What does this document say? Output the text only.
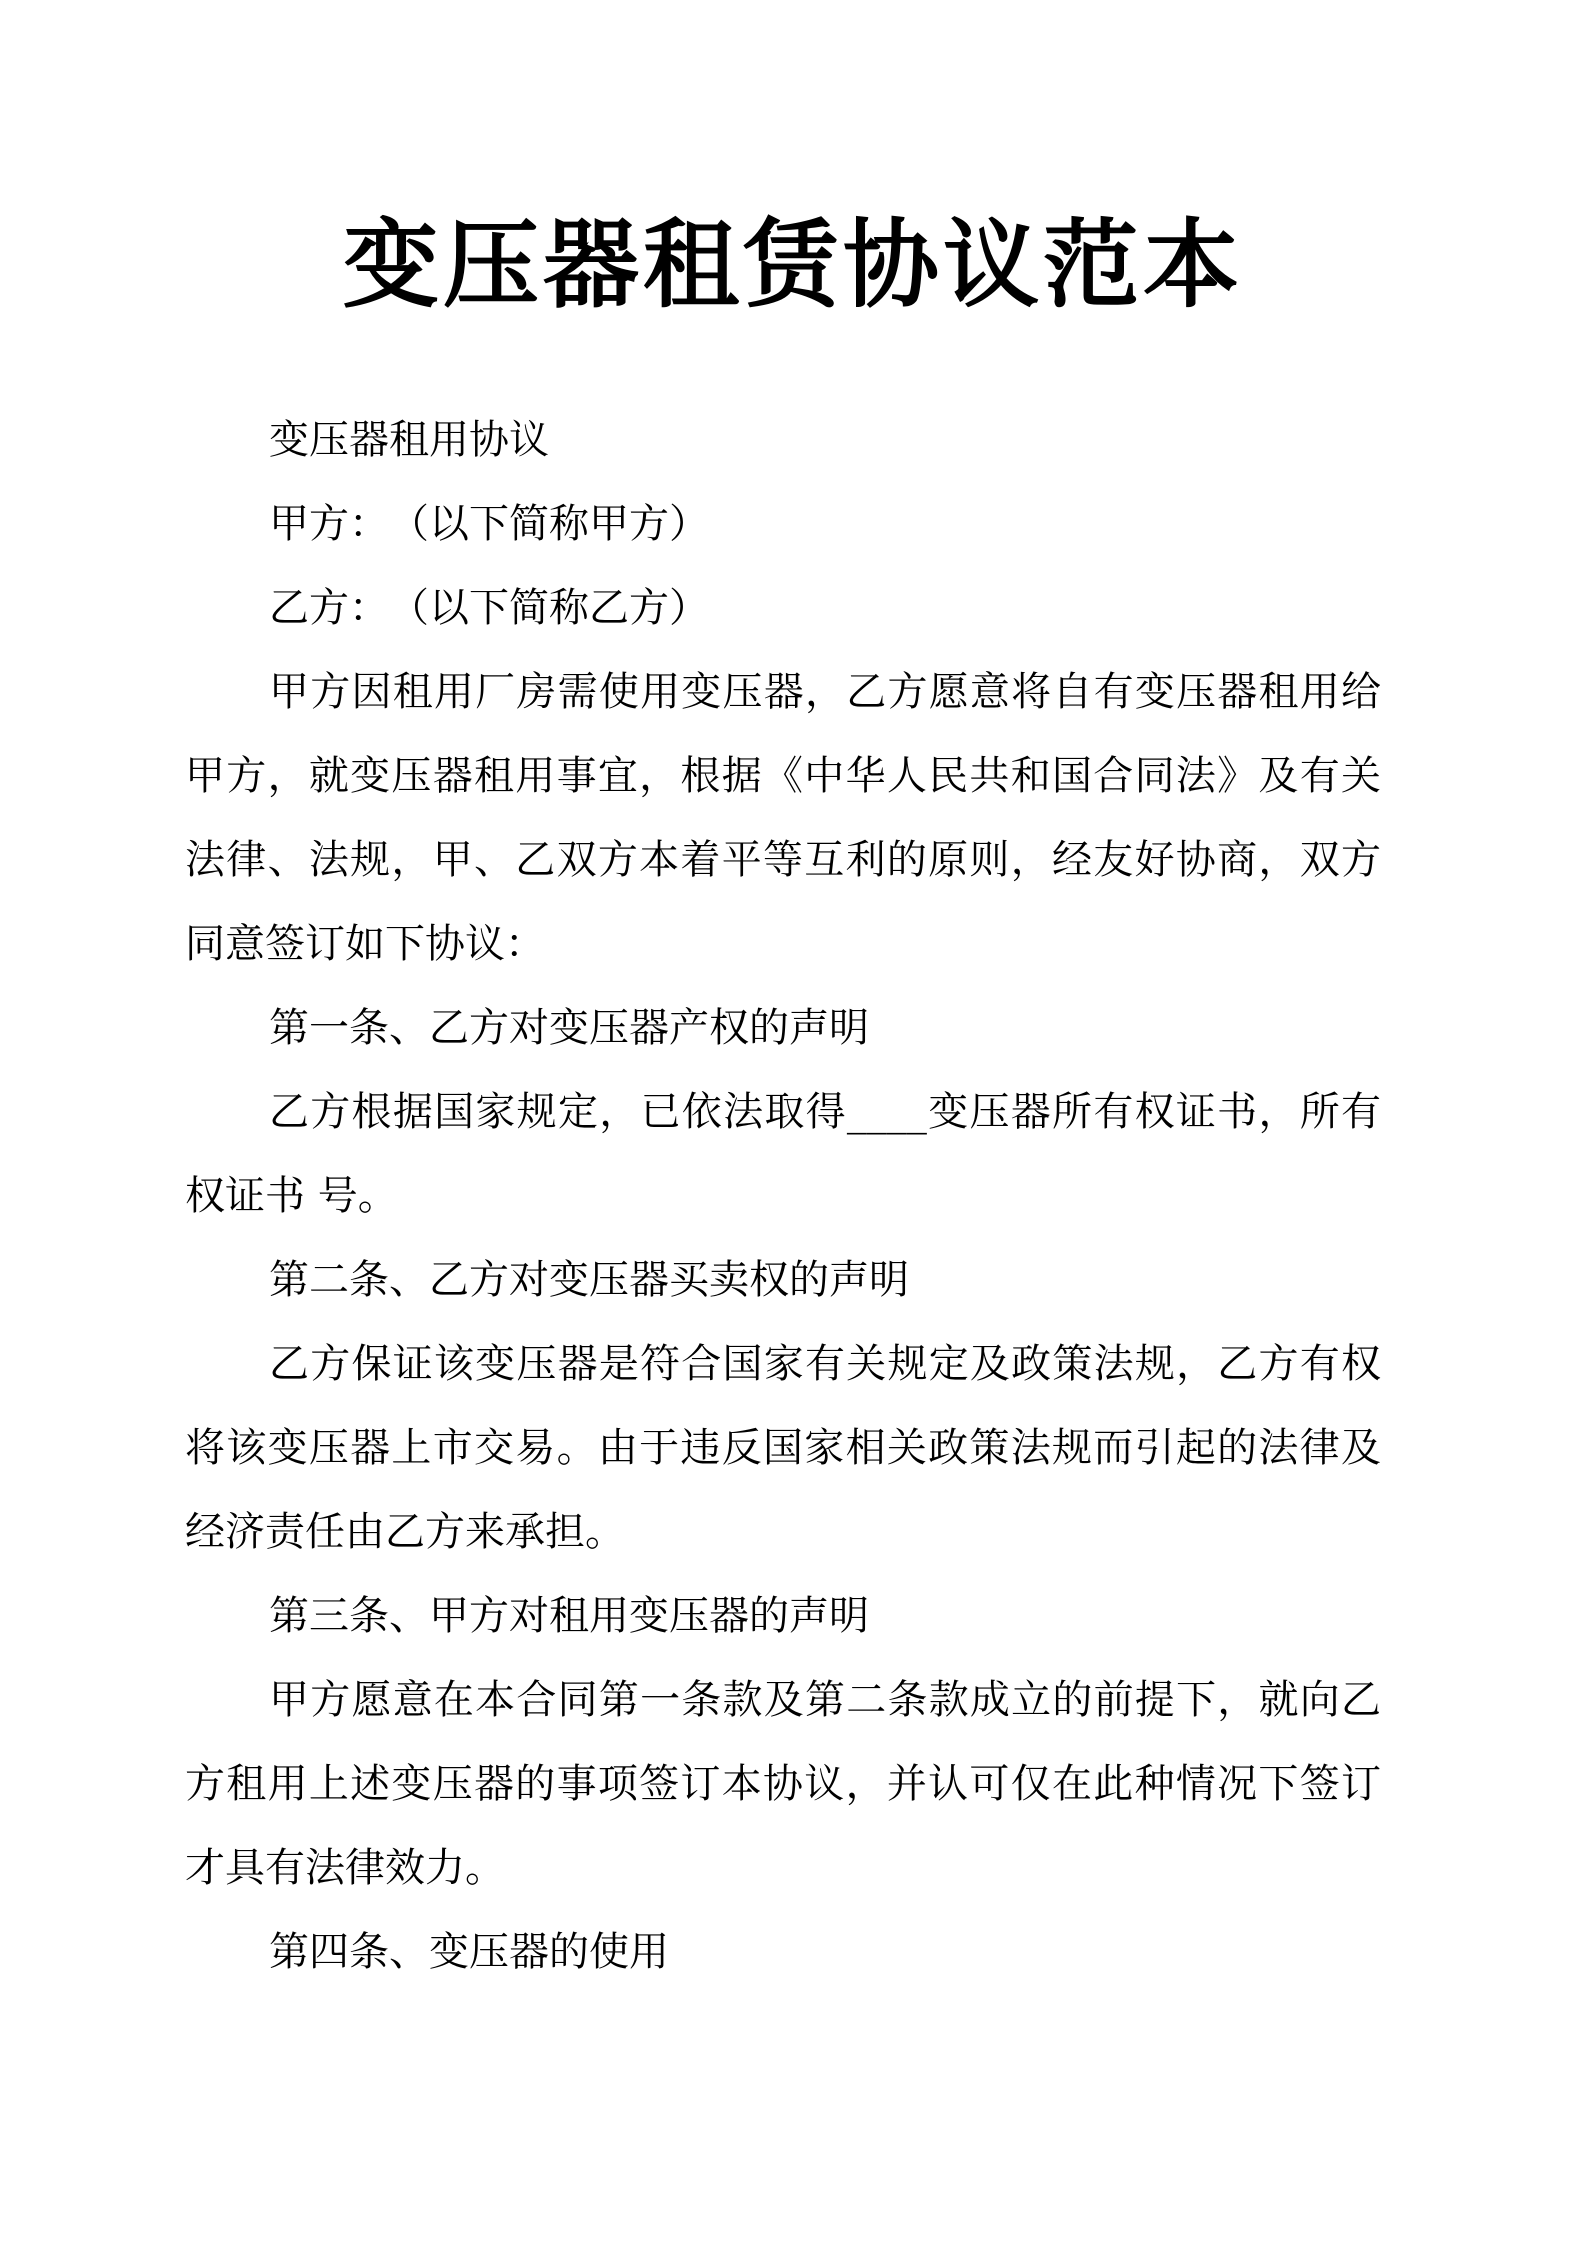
变压器租赁协议范本

变压器租用协议

甲方：　（以下简称甲方）

乙方：　（以下简称乙方）

甲方因租用厂房需使用变压器，乙方愿意将自有变压器租用给甲方，就变压器租用事宜，根据《中华人民共和国合同法》及有关法律、法规，甲、乙双方本着平等互利的原则，经友好协商，双方同意签订如下协议：

第一条、乙方对变压器产权的声明

乙方根据国家规定，已依法取得____变压器所有权证书，所有权证书 号。

第二条、乙方对变压器买卖权的声明

乙方保证该变压器是符合国家有关规定及政策法规，乙方有权将该变压器上市交易。由于违反国家相关政策法规而引起的法律及经济责任由乙方来承担。

第三条、甲方对租用变压器的声明

甲方愿意在本合同第一条款及第二条款成立的前提下，就向乙方租用上述变压器的事项签订本协议，并认可仅在此种情况下签订才具有法律效力。

第四条、变压器的使用
